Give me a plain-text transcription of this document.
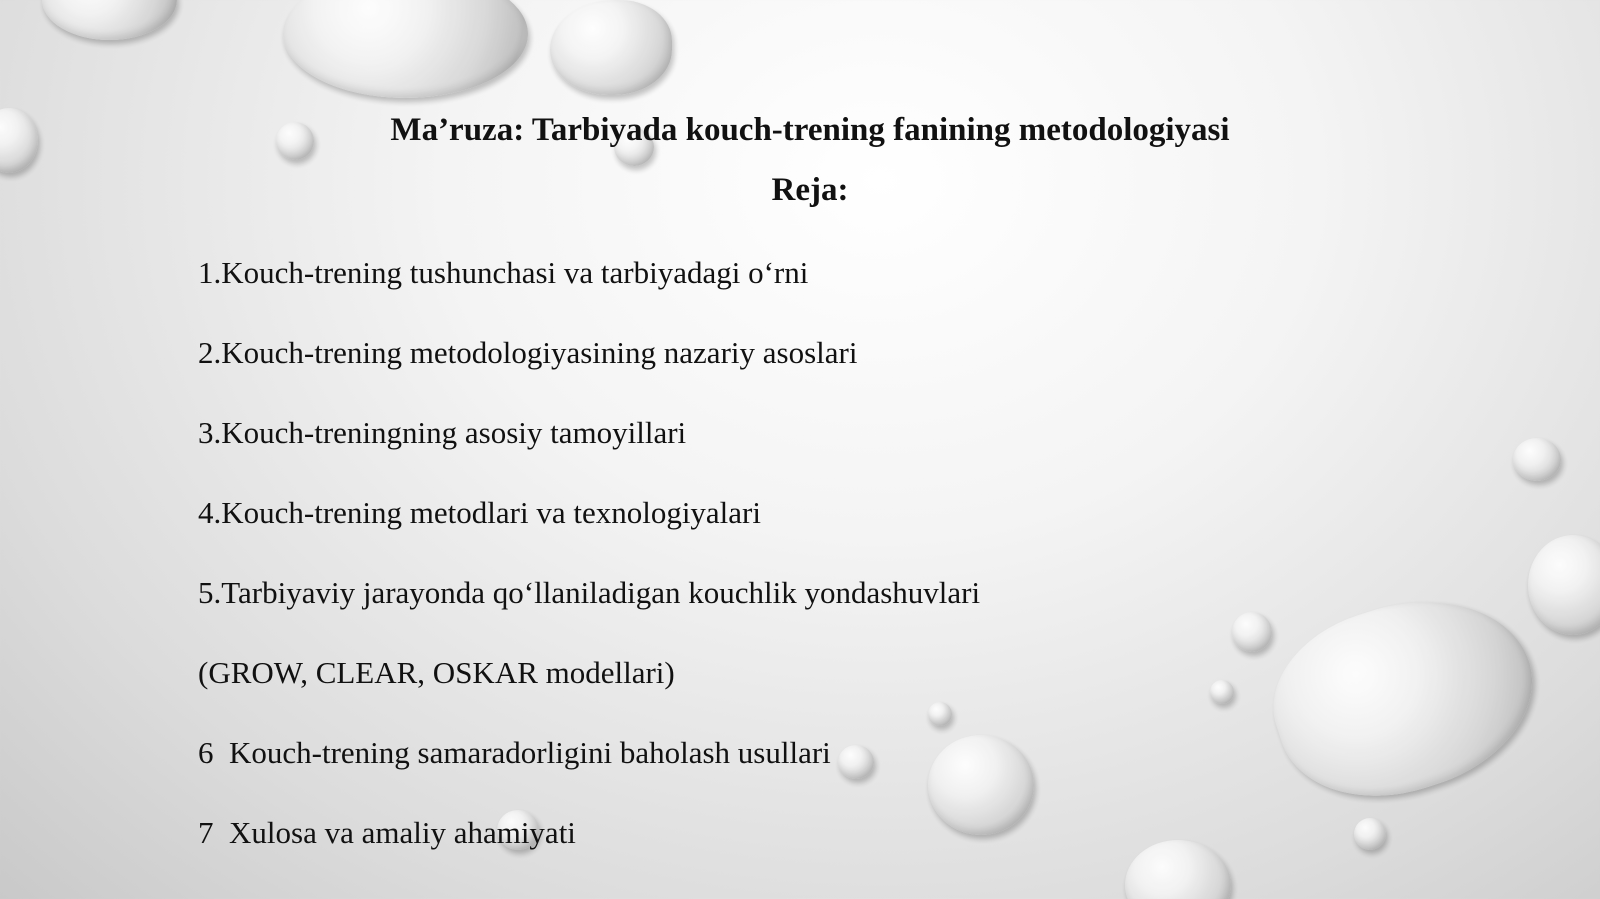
Ma’ruza: Tarbiyada kouch-trening fanining metodologiyasi
Reja:
1.Kouch-trening tushunchasi va tarbiyadagi o‘rni
2.Kouch-trening metodologiyasining nazariy asoslari
3.Kouch-treningning asosiy tamoyillari
4.Kouch-trening metodlari va texnologiyalari
5.Tarbiyaviy jarayonda qo‘llaniladigan kouchlik yondashuvlari
(GROW, CLEAR, OSKAR modellari)
6  Kouch-trening samaradorligini baholash usullari
7  Xulosa va amaliy ahamiyati
